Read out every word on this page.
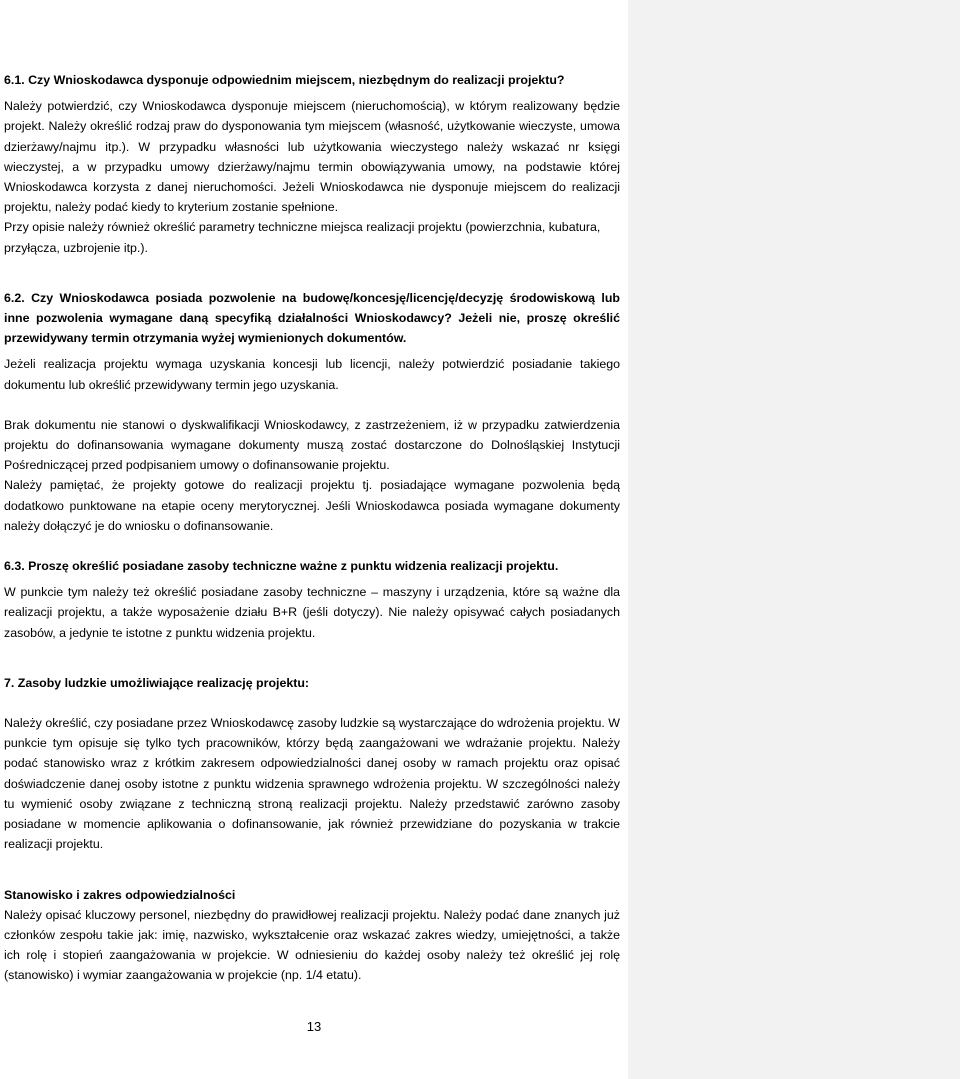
6.1. Czy Wnioskodawca dysponuje odpowiednim miejscem, niezbędnym do realizacji projektu?

Należy potwierdzić, czy Wnioskodawca dysponuje miejscem (nieruchomością), w którym realizowany będzie projekt. Należy określić rodzaj praw do dysponowania tym miejscem (własność, użytkowanie wieczyste, umowa dzierżawy/najmu itp.). W przypadku własności lub użytkowania wieczystego należy wskazać nr księgi wieczystej, a w przypadku umowy dzierżawy/najmu termin obowiązywania umowy, na podstawie której Wnioskodawca korzysta z danej nieruchomości. Jeżeli Wnioskodawca nie dysponuje miejscem do realizacji projektu, należy podać kiedy to kryterium zostanie spełnione.

Przy opisie należy również określić parametry techniczne miejsca realizacji projektu (powierzchnia, kubatura, przyłącza, uzbrojenie itp.).

6.2. Czy Wnioskodawca posiada pozwolenie na budowę/koncesję/licencję/decyzję środowiskową lub inne pozwolenia wymagane daną specyfiką działalności Wnioskodawcy? Jeżeli nie, proszę określić przewidywany termin otrzymania wyżej wymienionych dokumentów.

Jeżeli realizacja projektu wymaga uzyskania koncesji lub licencji, należy potwierdzić posiadanie takiego dokumentu lub określić przewidywany termin jego uzyskania.

Brak dokumentu nie stanowi o dyskwalifikacji Wnioskodawcy, z zastrzeżeniem, iż w przypadku zatwierdzenia projektu do dofinansowania wymagane dokumenty muszą zostać dostarczone do Dolnośląskiej Instytucji Pośredniczącej przed podpisaniem umowy o dofinansowanie projektu.

Należy pamiętać, że projekty gotowe do realizacji projektu tj. posiadające wymagane pozwolenia będą dodatkowo punktowane na etapie oceny merytorycznej. Jeśli Wnioskodawca posiada wymagane dokumenty należy dołączyć je do wniosku o dofinansowanie.

6.3. Proszę określić posiadane zasoby techniczne ważne z punktu widzenia realizacji projektu.

W punkcie tym należy też określić posiadane zasoby techniczne – maszyny i urządzenia, które są ważne dla realizacji projektu, a także wyposażenie działu B+R (jeśli dotyczy). Nie należy opisywać całych posiadanych zasobów, a jedynie te istotne z punktu widzenia projektu.

7. Zasoby ludzkie umożliwiające realizację projektu:

Należy określić, czy posiadane przez Wnioskodawcę zasoby ludzkie są wystarczające do wdrożenia projektu. W punkcie tym opisuje się tylko tych pracowników, którzy będą zaangażowani we wdrażanie projektu. Należy podać stanowisko wraz z krótkim zakresem odpowiedzialności danej osoby w ramach projektu oraz opisać doświadczenie danej osoby istotne z punktu widzenia sprawnego wdrożenia projektu. W szczególności należy tu wymienić osoby związane z techniczną stroną realizacji projektu. Należy przedstawić zarówno zasoby posiadane w momencie aplikowania o dofinansowanie, jak również przewidziane do pozyskania w trakcie realizacji projektu.

Stanowisko i zakres odpowiedzialności

Należy opisać kluczowy personel, niezbędny do prawidłowej realizacji projektu. Należy podać dane znanych już członków zespołu takie jak: imię, nazwisko, wykształcenie oraz wskazać zakres wiedzy, umiejętności, a także ich rolę i stopień zaangażowania w projekcie. W odniesieniu do każdej osoby należy też określić jej rolę (stanowisko) i wymiar zaangażowania w projekcie (np. 1/4 etatu).

13
